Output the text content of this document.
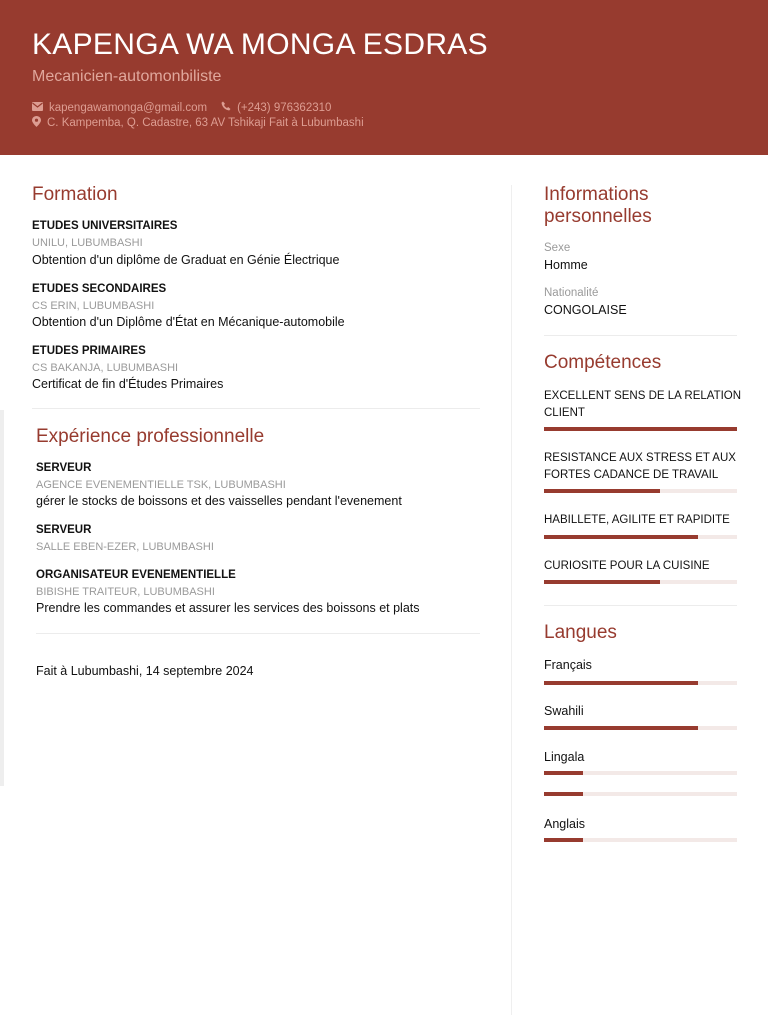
KAPENGA WA MONGA ESDRAS
Mecanicien-automonbiliste
kapengawamonga@gmail.com	(+243) 976362310
C. Kampemba, Q. Cadastre, 63 AV Tshikaji Fait à Lubumbashi
Formation
ETUDES UNIVERSITAIRES
UNILU, LUBUMBASHI
Obtention d'un diplôme de Graduat en Génie Électrique
ETUDES SECONDAIRES
CS ERIN, LUBUMBASHI
Obtention d'un Diplôme d'État en Mécanique-automobile
ETUDES PRIMAIRES
CS BAKANJA, LUBUMBASHI
Certificat de fin d'Études Primaires
Expérience professionnelle
SERVEUR
AGENCE EVENEMENTIELLE TSK, LUBUMBASHI
gérer le stocks de boissons et des vaisselles pendant l'evenement
SERVEUR
SALLE EBEN-EZER, LUBUMBASHI
ORGANISATEUR EVENEMENTIELLE
BIBISHE TRAITEUR, LUBUMBASHI
Prendre les commandes et assurer les services des boissons et plats
Fait à Lubumbashi, 14 septembre 2024
Informations personnelles
Sexe
Homme
Nationalité
CONGOLAISE
Compétences
EXCELLENT SENS DE LA RELATION CLIENT
RESISTANCE AUX STRESS ET AUX FORTES CADANCE DE TRAVAIL
HABILLETE, AGILITE ET RAPIDITE
CURIOSITE POUR LA CUISINE
Langues
Français
Swahili
Lingala
Anglais
